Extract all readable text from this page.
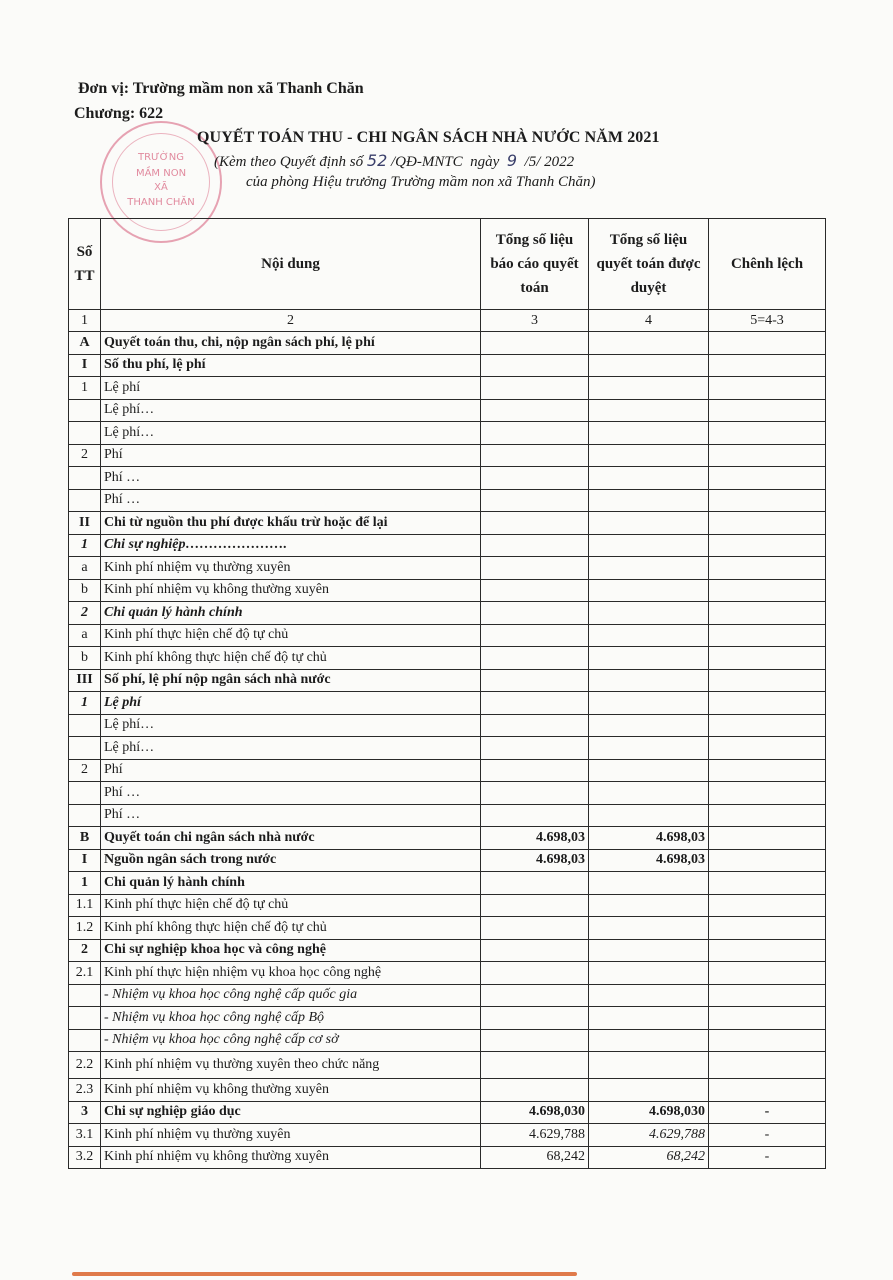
Đơn vị: Trường mầm non xã Thanh Chăn
Chương: 622
TRƯỜNG
MẦM NON
XÃ
THANH CHĂN
QUYẾT TOÁN THU - CHI NGÂN SÁCH NHÀ NƯỚC NĂM 2021
(Kèm theo Quyết định số 52 /QĐ-MNTC  ngày  9  /5/ 2022
của phòng Hiệu trưởng Trường mầm non xã Thanh Chăn)
Số TT	Nội dung	Tổng số liệu báo cáo quyết toán	Tổng số liệu quyết toán được duyệt	Chênh lệch
1	2	3	4	5=4-3
A	Quyết toán thu, chi, nộp ngân sách phí, lệ phí			
I	Số thu phí, lệ phí			
1	Lệ phí			
	Lệ phí…			
	Lệ phí…			
2	Phí			
	Phí …			
	Phí …			
II	Chi từ nguồn thu phí được khấu trừ hoặc để lại			
1	Chi sự nghiệp………………….			
a	Kinh phí nhiệm vụ thường xuyên			
b	Kinh phí nhiệm vụ không thường xuyên			
2	Chi quản lý hành chính			
a	Kinh phí thực hiện chế độ tự chủ			
b	Kinh phí không thực hiện chế độ tự chủ			
III	Số phí, lệ phí nộp ngân sách nhà nước			
1	Lệ phí			
	Lệ phí…			
	Lệ phí…			
2	Phí			
	Phí …			
	Phí …			
B	Quyết toán chi ngân sách nhà nước	4.698,03	4.698,03	
I	Nguồn ngân sách trong nước	4.698,03	4.698,03	
1	Chi quản lý hành chính			
1.1	Kinh phí thực hiện chế độ tự chủ			
1.2	Kinh phí không thực hiện chế độ tự chủ			
2	Chi sự nghiệp khoa học và công nghệ			
2.1	Kinh phí thực hiện nhiệm vụ khoa học công nghệ			
	- Nhiệm vụ khoa học công nghệ cấp quốc gia			
	- Nhiệm vụ khoa học công nghệ cấp Bộ			
	- Nhiệm vụ khoa học công nghệ cấp cơ sở			
2.2	Kinh phí nhiệm vụ thường xuyên theo chức năng			
2.3	Kinh phí nhiệm vụ không thường xuyên			
3	Chi sự nghiệp giáo dục	4.698,030	4.698,030	-
3.1	Kinh phí nhiệm vụ thường xuyên	4.629,788	4.629,788	-
3.2	Kinh phí nhiệm vụ không thường xuyên	68,242	68,242	-
